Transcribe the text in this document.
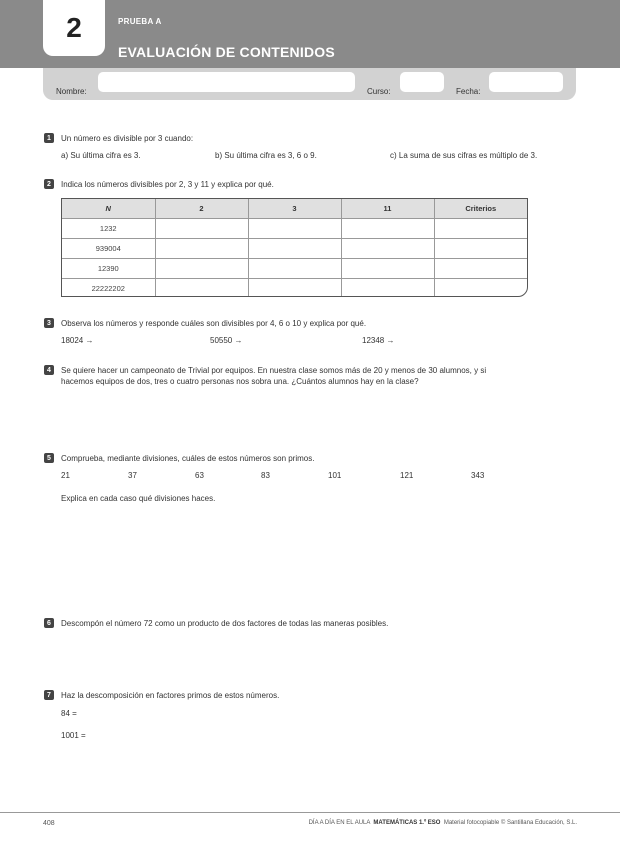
2	PRUEBA A
EVALUACIÓN DE CONTENIDOS
Nombre:	Curso:	Fecha:
1	Un número es divisible por 3 cuando:
a) Su última cifra es 3.	b) Su última cifra es 3, 6 o 9.	c) La suma de sus cifras es múltiplo de 3.
2	Indica los números divisibles por 2, 3 y 11 y explica por qué.
N	2	3	11	Criterios
1232				
939004				
12390				
22222202				
3	Observa los números y responde cuáles son divisibles por 4, 6 o 10 y explica por qué.
18024 →	50550 →	12348 →
4	Se quiere hacer un campeonato de Trivial por equipos. En nuestra clase somos más de 20 y menos de 30 alumnos, y si
hacemos equipos de dos, tres o cuatro personas nos sobra una. ¿Cuántos alumnos hay en la clase?
5	Comprueba, mediante divisiones, cuáles de estos números son primos.
21	37	63	83	101	121	343
Explica en cada caso qué divisiones haces.
6	Descompón el número 72 como un producto de dos factores de todas las maneras posibles.
7	Haz la descomposición en factores primos de estos números.
84 =
1001 =
408	DÍA A DÍA EN EL AULA MATEMÁTICAS 1.º ESO Material fotocopiable © Santillana Educación, S.L.
